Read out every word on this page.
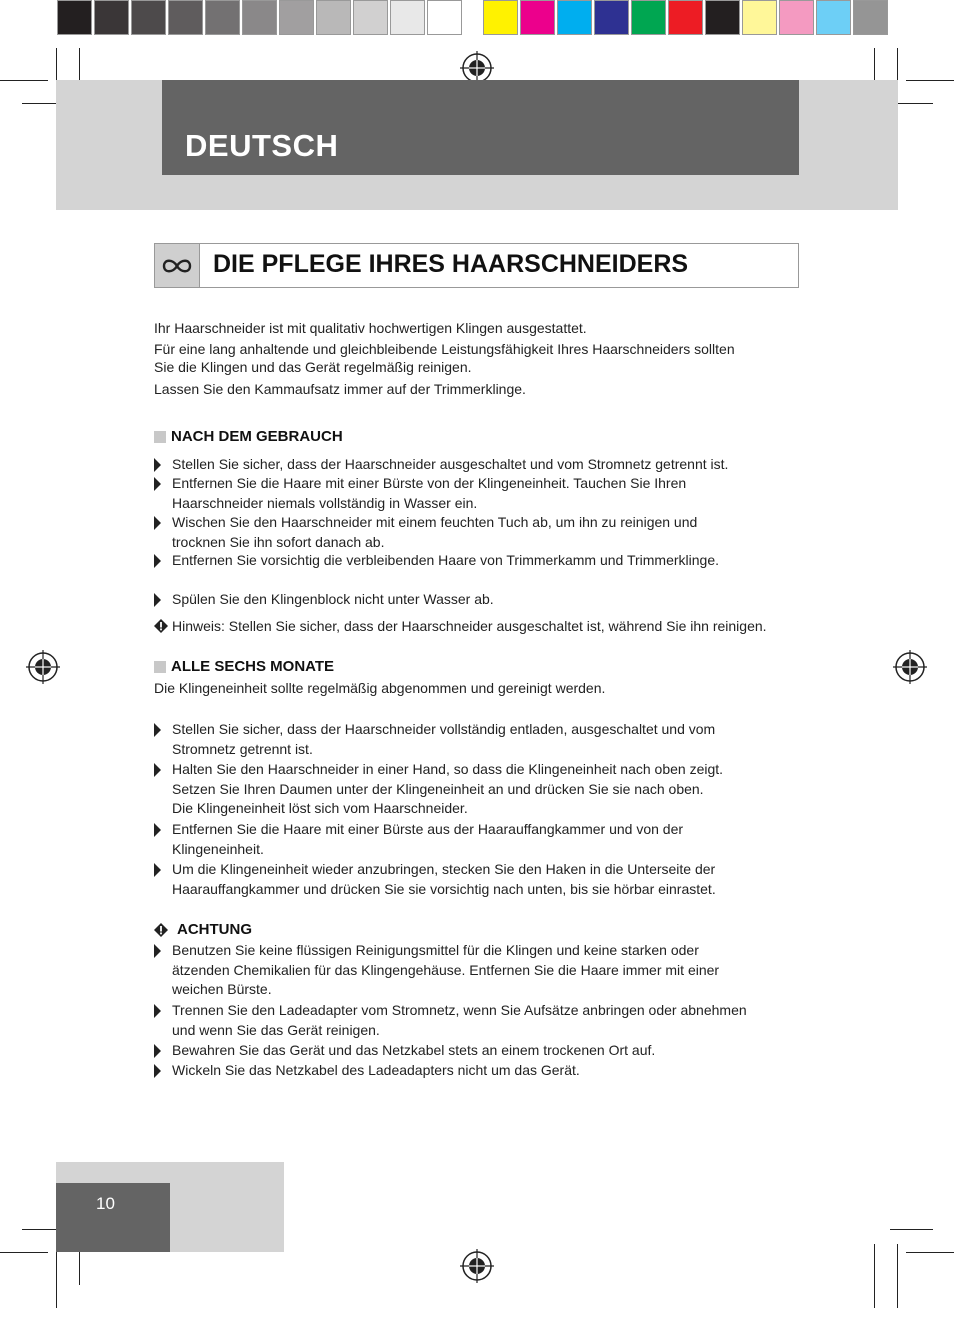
DEUTSCH
DIE PFLEGE IHRES HAARSCHNEIDERS
Ihr Haarschneider ist mit qualitativ hochwertigen Klingen ausgestattet.
Für eine lang anhaltende und gleichbleibende Leistungsfähigkeit Ihres Haarschneiders sollten
Sie die Klingen und das Gerät regelmäßig reinigen.
Lassen Sie den Kammaufsatz immer auf der Trimmerklinge.
NACH DEM GEBRAUCH
Stellen Sie sicher, dass der Haarschneider ausgeschaltet und vom Stromnetz getrennt ist.
Entfernen Sie die Haare mit einer Bürste von der Klingeneinheit. Tauchen Sie Ihren
Haarschneider niemals vollständig in Wasser ein.
Wischen Sie den Haarschneider mit einem feuchten Tuch ab, um ihn zu reinigen und
trocknen Sie ihn sofort danach ab.
Entfernen Sie vorsichtig die verbleibenden Haare von Trimmerkamm und Trimmerklinge.
Spülen Sie den Klingenblock nicht unter Wasser ab.
Hinweis: Stellen Sie sicher, dass der Haarschneider ausgeschaltet ist, während Sie ihn reinigen.
ALLE SECHS MONATE
Die Klingeneinheit sollte regelmäßig abgenommen und gereinigt werden.
Stellen Sie sicher, dass der Haarschneider vollständig entladen, ausgeschaltet und vom
Stromnetz getrennt ist.
Halten Sie den Haarschneider in einer Hand, so dass die Klingeneinheit nach oben zeigt.
Setzen Sie Ihren Daumen unter der Klingeneinheit an und drücken Sie sie nach oben.
Die Klingeneinheit löst sich vom Haarschneider.
Entfernen Sie die Haare mit einer Bürste aus der Haarauffangkammer und von der
Klingeneinheit.
Um die Klingeneinheit wieder anzubringen, stecken Sie den Haken in die Unterseite der
Haarauffangkammer und drücken Sie sie vorsichtig nach unten, bis sie hörbar einrastet.
ACHTUNG
Benutzen Sie keine flüssigen Reinigungsmittel für die Klingen und keine starken oder
ätzenden Chemikalien für das Klingengehäuse. Entfernen Sie die Haare immer mit einer
weichen Bürste.
Trennen Sie den Ladeadapter vom Stromnetz, wenn Sie Aufsätze anbringen oder abnehmen
und wenn Sie das Gerät reinigen.
Bewahren Sie das Gerät und das Netzkabel stets an einem trockenen Ort auf.
Wickeln Sie das Netzkabel des Ladeadapters nicht um das Gerät.
10
